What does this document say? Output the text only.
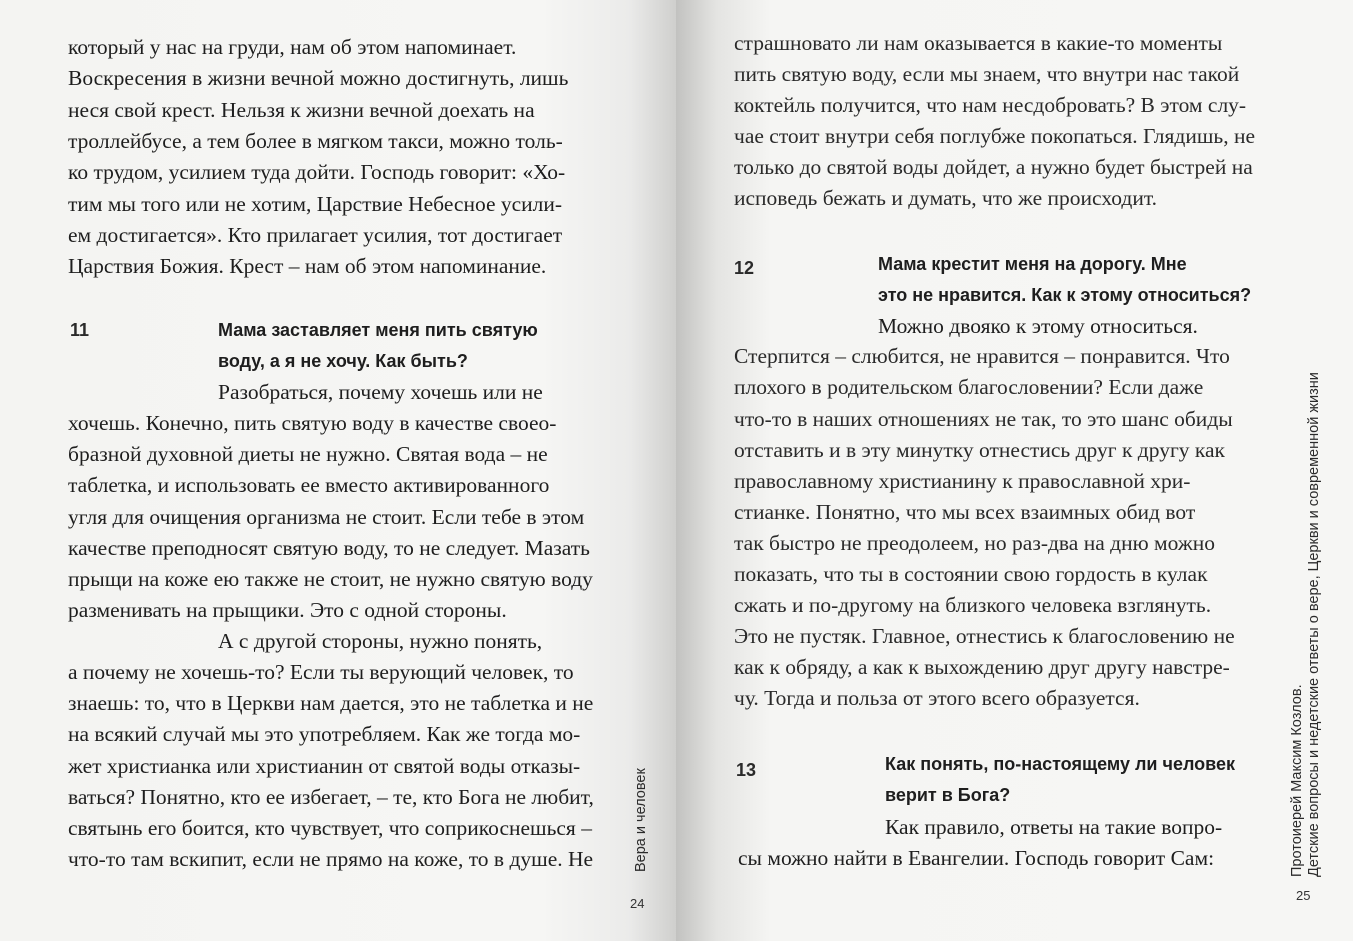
который у нас на груди, нам об этом напоминает.
Воскресения в жизни вечной можно достигнуть, лишь
неся свой крест. Нельзя к жизни вечной доехать на
троллейбусе, а тем более в мягком такси, можно толь-
ко трудом, усилием туда дойти. Господь говорит: «Хо-
тим мы того или не хотим, Царствие Небесное усили-
ем достигается». Кто прилагает усилия, тот достигает
Царствия Божия. Крест – нам об этом напоминание.
11	Мама заставляет меня пить святую
воду, а я не хочу. Как быть?
Разобраться, почему хочешь или не
хочешь. Конечно, пить святую воду в качестве своео-
бразной духовной диеты не нужно. Святая вода – не
таблетка, и использовать ее вместо активированного
угля для очищения организма не стоит. Если тебе в этом
качестве преподносят святую воду, то не следует. Мазать
прыщи на коже ею также не стоит, не нужно святую воду
разменивать на прыщики. Это с одной стороны.
А с другой стороны, нужно понять,
а почему не хочешь-то? Если ты верующий человек, то
знаешь: то, что в Церкви нам дается, это не таблетка и не
на всякий случай мы это употребляем. Как же тогда мо-
жет христианка или христианин от святой воды отказы-
ваться? Понятно, кто ее избегает, – те, кто Бога не любит,
святынь его боится, кто чувствует, что соприкоснешься –
что-то там вскипит, если не прямо на коже, то в душе. Не	Вера и человек
24
страшновато ли нам оказывается в какие-то моменты
пить святую воду, если мы знаем, что внутри нас такой
коктейль получится, что нам несдобровать? В этом слу-
чае стоит внутри себя поглубже покопаться. Глядишь, не
только до святой воды дойдет, а нужно будет быстрей на
исповедь бежать и думать, что же происходит.
12	Мама крестит меня на дорогу. Мне
это не нравится. Как к этому относиться?
Можно двояко к этому относиться.
Стерпится – слюбится, не нравится – понравится. Что
плохого в родительском благословении? Если даже
что-то в наших отношениях не так, то это шанс обиды
отставить и в эту минутку отнестись друг к другу как
православному христианину к православной хри-
стианке. Понятно, что мы всех взаимных обид вот
так быстро не преодолеем, но раз-два на дню можно
показать, что ты в состоянии свою гордость в кулак
сжать и по-другому на близкого человека взглянуть.
Это не пустяк. Главное, отнестись к благословению не
как к обряду, а как к выхождению друг другу навстре-
чу. Тогда и польза от этого всего образуется.
13	Как понять, по-настоящему ли человек
верит в Бога?
Как правило, ответы на такие вопро-
сы можно найти в Евангелии. Господь говорит Сам:	Протоиерей Максим Козлов. Детские вопросы и недетские ответы о вере, Церкви и современной жизни
25
